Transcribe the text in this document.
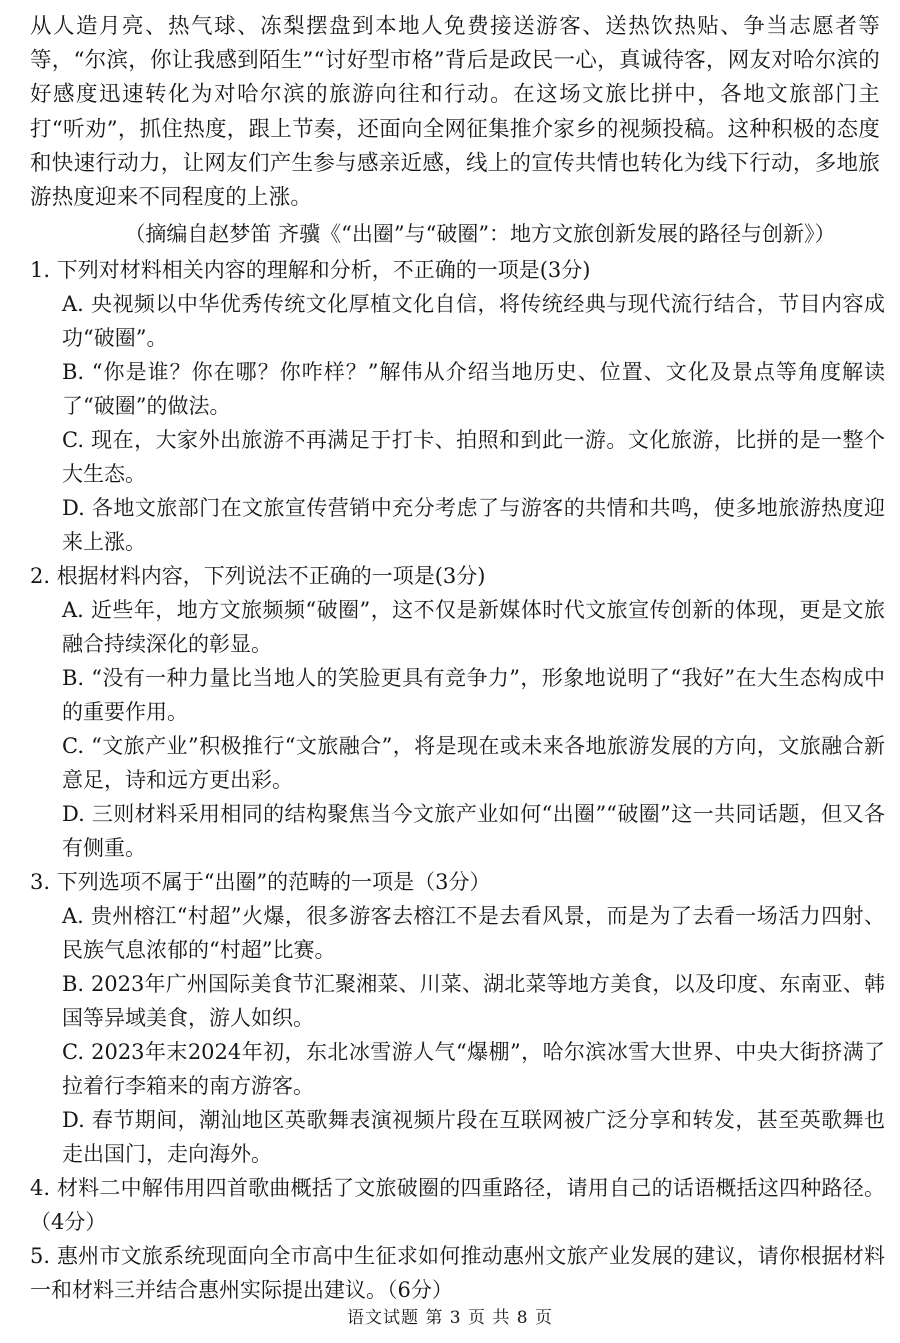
从人造月亮、热气球、冻梨摆盘到本地人免费接送游客、送热饮热贴、争当志愿者等等，“尔滨，你让我感到陌生”“讨好型市格”背后是政民一心，真诚待客，网友对哈尔滨的好感度迅速转化为对哈尔滨的旅游向往和行动。在这场文旅比拼中，各地文旅部门主打“听劝”，抓住热度，跟上节奏，还面向全网征集推介家乡的视频投稿。这种积极的态度和快速行动力，让网友们产生参与感亲近感，线上的宣传共情也转化为线下行动，多地旅游热度迎来不同程度的上涨。

（摘编自赵梦笛 齐骥《“出圈”与“破圈”：地方文旅创新发展的路径与创新》）

1. 下列对材料相关内容的理解和分析，不正确的一项是(3分)

A. 央视频以中华优秀传统文化厚植文化自信，将传统经典与现代流行结合，节目内容成功“破圈”。

B. “你是谁？你在哪？你咋样？”解伟从介绍当地历史、位置、文化及景点等角度解读了“破圈”的做法。

C. 现在，大家外出旅游不再满足于打卡、拍照和到此一游。文化旅游，比拼的是一整个大生态。

D. 各地文旅部门在文旅宣传营销中充分考虑了与游客的共情和共鸣，使多地旅游热度迎来上涨。

2. 根据材料内容，下列说法不正确的一项是(3分)

A. 近些年，地方文旅频频“破圈”，这不仅是新媒体时代文旅宣传创新的体现，更是文旅融合持续深化的彰显。

B. “没有一种力量比当地人的笑脸更具有竞争力”，形象地说明了“我好”在大生态构成中的重要作用。

C. “文旅产业”积极推行“文旅融合”，将是现在或未来各地旅游发展的方向，文旅融合新意足，诗和远方更出彩。

D. 三则材料采用相同的结构聚焦当今文旅产业如何“出圈”“破圈”这一共同话题，但又各有侧重。

3. 下列选项不属于“出圈”的范畴的一项是（3分）

A. 贵州榕江“村超”火爆，很多游客去榕江不是去看风景，而是为了去看一场活力四射、民族气息浓郁的“村超”比赛。

B. 2023年广州国际美食节汇聚湘菜、川菜、湖北菜等地方美食，以及印度、东南亚、韩国等异域美食，游人如织。

C. 2023年末2024年初，东北冰雪游人气“爆棚”，哈尔滨冰雪大世界、中央大街挤满了拉着行李箱来的南方游客。

D. 春节期间，潮汕地区英歌舞表演视频片段在互联网被广泛分享和转发，甚至英歌舞也走出国门，走向海外。

4. 材料二中解伟用四首歌曲概括了文旅破圈的四重路径，请用自己的话语概括这四种路径。（4分）

5. 惠州市文旅系统现面向全市高中生征求如何推动惠州文旅产业发展的建议，请你根据材料一和材料三并结合惠州实际提出建议。（6分）

语文试题 第 3 页 共 8 页
